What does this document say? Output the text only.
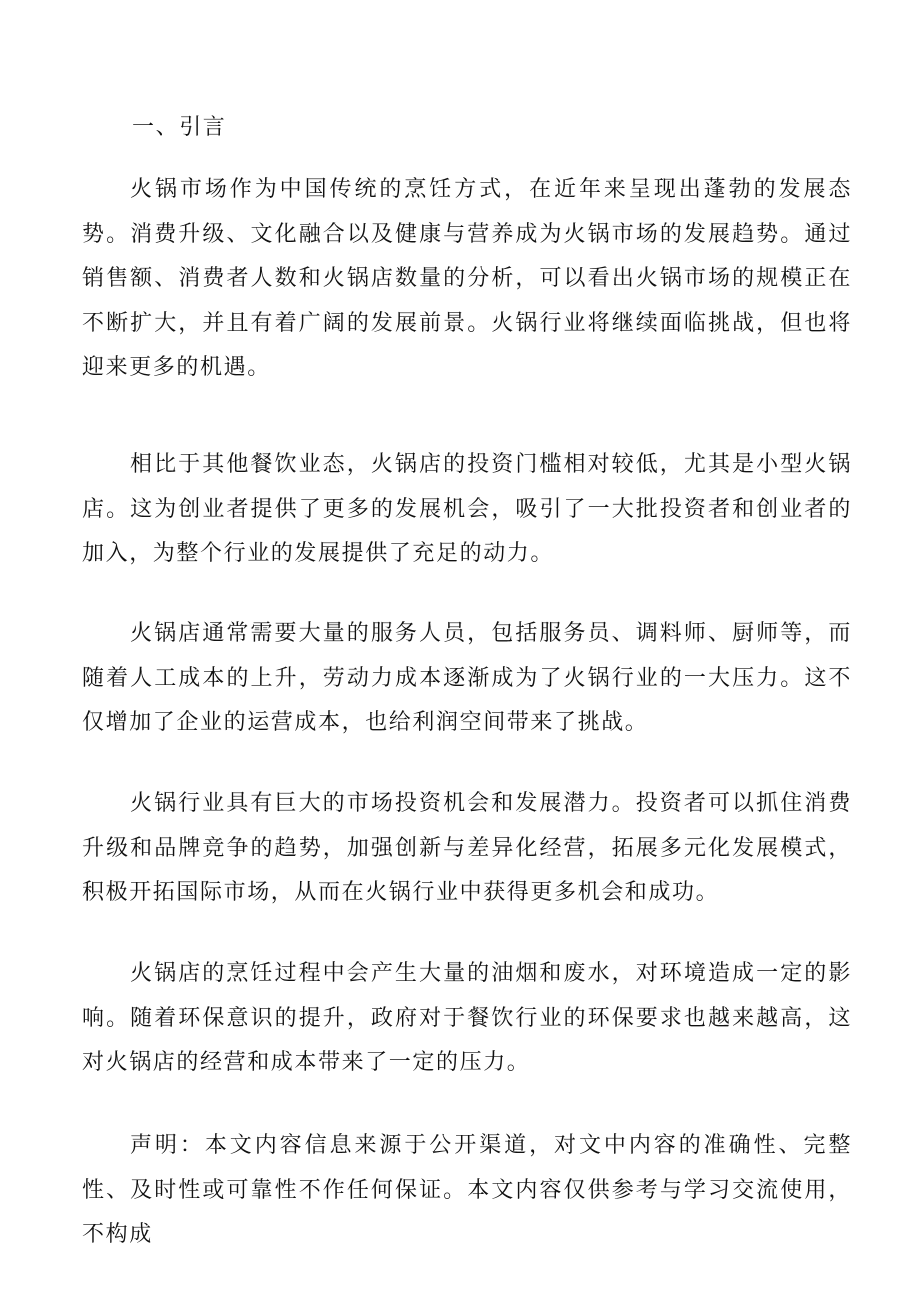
一、引言

火锅市场作为中国传统的烹饪方式，在近年来呈现出蓬勃的发展态势。消费升级、文化融合以及健康与营养成为火锅市场的发展趋势。通过销售额、消费者人数和火锅店数量的分析，可以看出火锅市场的规模正在不断扩大，并且有着广阔的发展前景。火锅行业将继续面临挑战，但也将迎来更多的机遇。

相比于其他餐饮业态，火锅店的投资门槛相对较低，尤其是小型火锅店。这为创业者提供了更多的发展机会，吸引了一大批投资者和创业者的加入，为整个行业的发展提供了充足的动力。

火锅店通常需要大量的服务人员，包括服务员、调料师、厨师等，而随着人工成本的上升，劳动力成本逐渐成为了火锅行业的一大压力。这不仅增加了企业的运营成本，也给利润空间带来了挑战。

火锅行业具有巨大的市场投资机会和发展潜力。投资者可以抓住消费升级和品牌竞争的趋势，加强创新与差异化经营，拓展多元化发展模式，积极开拓国际市场，从而在火锅行业中获得更多机会和成功。

火锅店的烹饪过程中会产生大量的油烟和废水，对环境造成一定的影响。随着环保意识的提升，政府对于餐饮行业的环保要求也越来越高，这对火锅店的经营和成本带来了一定的压力。

声明：本文内容信息来源于公开渠道，对文中内容的准确性、完整性、及时性或可靠性不作任何保证。本文内容仅供参考与学习交流使用，不构成
